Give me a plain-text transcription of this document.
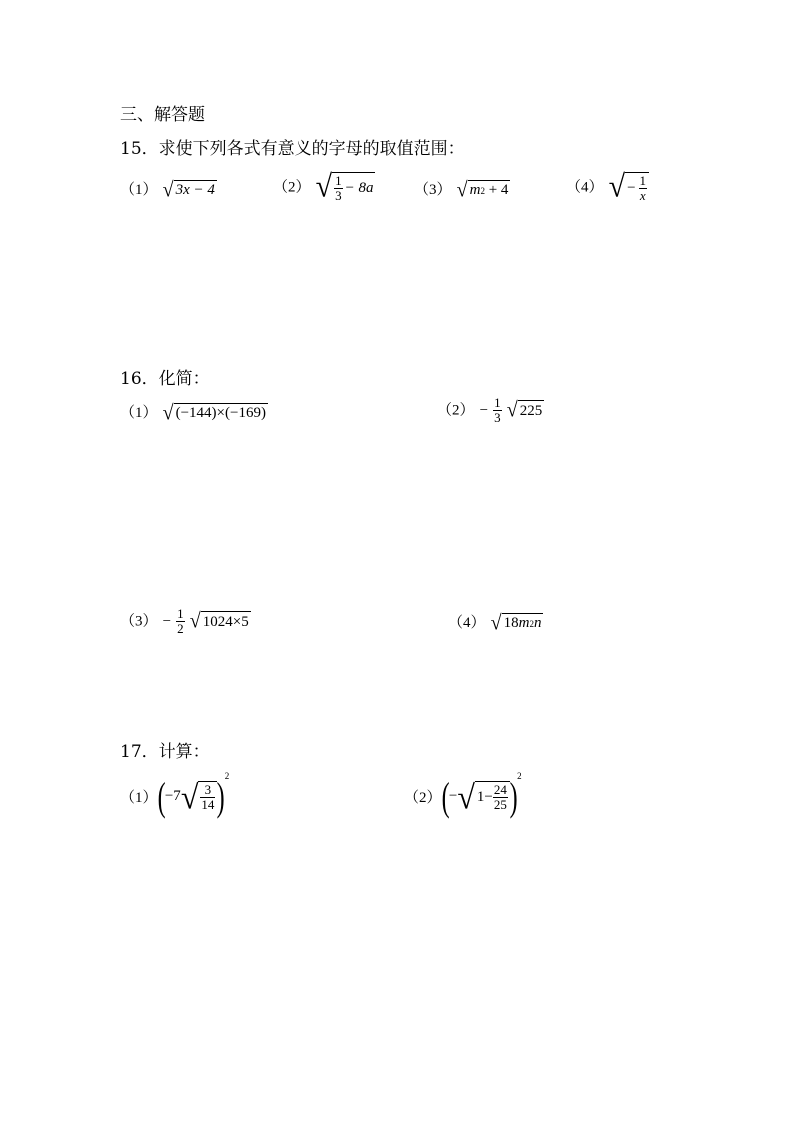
三、解答题
15．求使下列各式有意义的字母的取值范围：
（1） √ 3x − 4	（2） √ $\frac{1}{3} - 8a$	（3） √ m 2
+ 4	（4） √ − $\frac{1}{x}$
16．化简：
（1） √ (−144)×(−169)	$(2) - \frac{1}{3}$
√ 225
$(3) - \frac{1}{2}$
√ 1024×5	（4） √ 18 m 2 n
17．计算：
（1） ( −7 √ $\frac{3}{14}$ ) 2
（2） ( − √ $1- \frac{24}{25}$ ) 2
